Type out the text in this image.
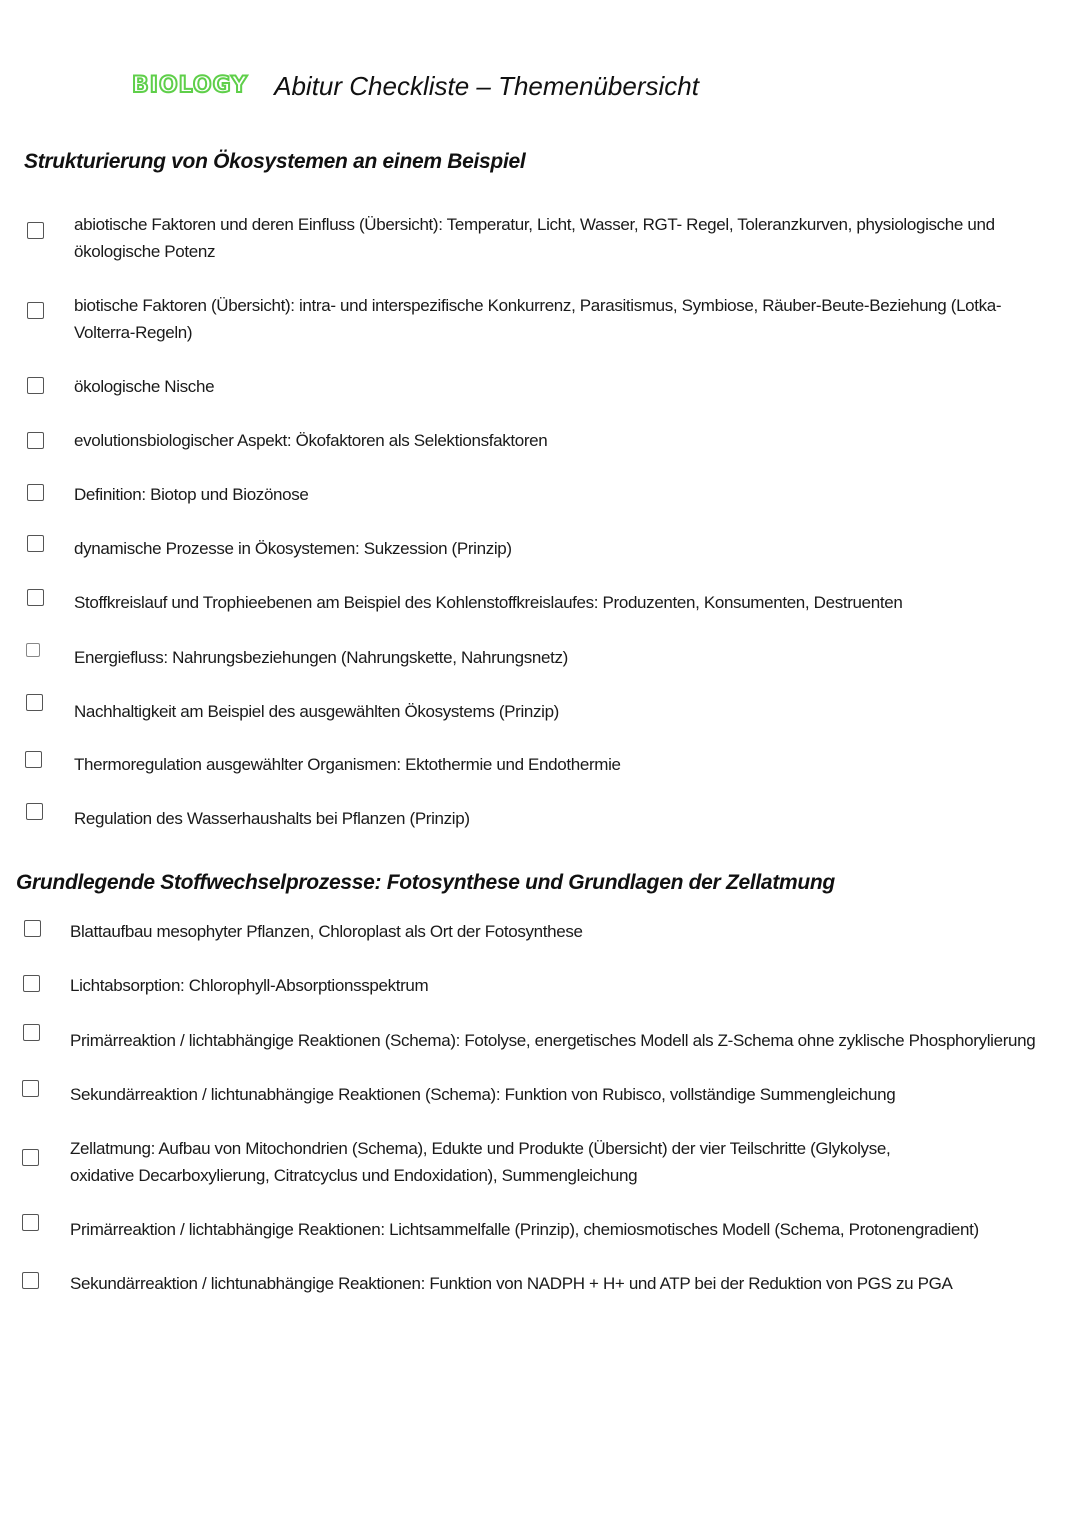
BIOLOGY Abitur Checkliste – Themenübersicht
Strukturierung von Ökosystemen an einem Beispiel
abiotische Faktoren und deren Einfluss (Übersicht): Temperatur, Licht, Wasser, RGT- Regel, Toleranzkurven, physiologische und ökologische Potenz
biotische Faktoren (Übersicht): intra- und interspezifische Konkurrenz, Parasitismus, Symbiose, Räuber-Beute-Beziehung (Lotka-Volterra-Regeln)
ökologische Nische
evolutionsbiologischer Aspekt: Ökofaktoren als Selektionsfaktoren
Definition: Biotop und Biozönose
dynamische Prozesse in Ökosystemen: Sukzession (Prinzip)
Stoffkreislauf und Trophieebenen am Beispiel des Kohlenstoffkreislaufes: Produzenten, Konsumenten, Destruenten
Energiefluss: Nahrungsbeziehungen (Nahrungskette, Nahrungsnetz)
Nachhaltigkeit am Beispiel des ausgewählten Ökosystems (Prinzip)
Thermoregulation ausgewählter Organismen: Ektothermie und Endothermie
Regulation des Wasserhaushalts bei Pflanzen (Prinzip)
Grundlegende Stoffwechselprozesse: Fotosynthese und Grundlagen der Zellatmung
Blattaufbau mesophyter Pflanzen, Chloroplast als Ort der Fotosynthese
Lichtabsorption: Chlorophyll-Absorptionsspektrum
Primärreaktion / lichtabhängige Reaktionen (Schema): Fotolyse, energetisches Modell als Z-Schema ohne zyklische Phosphorylierung
Sekundärreaktion / lichtunabhängige Reaktionen (Schema): Funktion von Rubisco, vollständige Summengleichung
Zellatmung: Aufbau von Mitochondrien (Schema), Edukte und Produkte (Übersicht) der vier Teilschritte (Glykolyse, oxidative Decarboxylierung, Citratcyclus und Endoxidation), Summengleichung
Primärreaktion / lichtabhängige Reaktionen: Lichtsammelfalle (Prinzip), chemiosmotisches Modell (Schema, Protonengradient)
Sekundärreaktion / lichtunabhängige Reaktionen: Funktion von NADPH + H+ und ATP bei der Reduktion von PGS zu PGA
